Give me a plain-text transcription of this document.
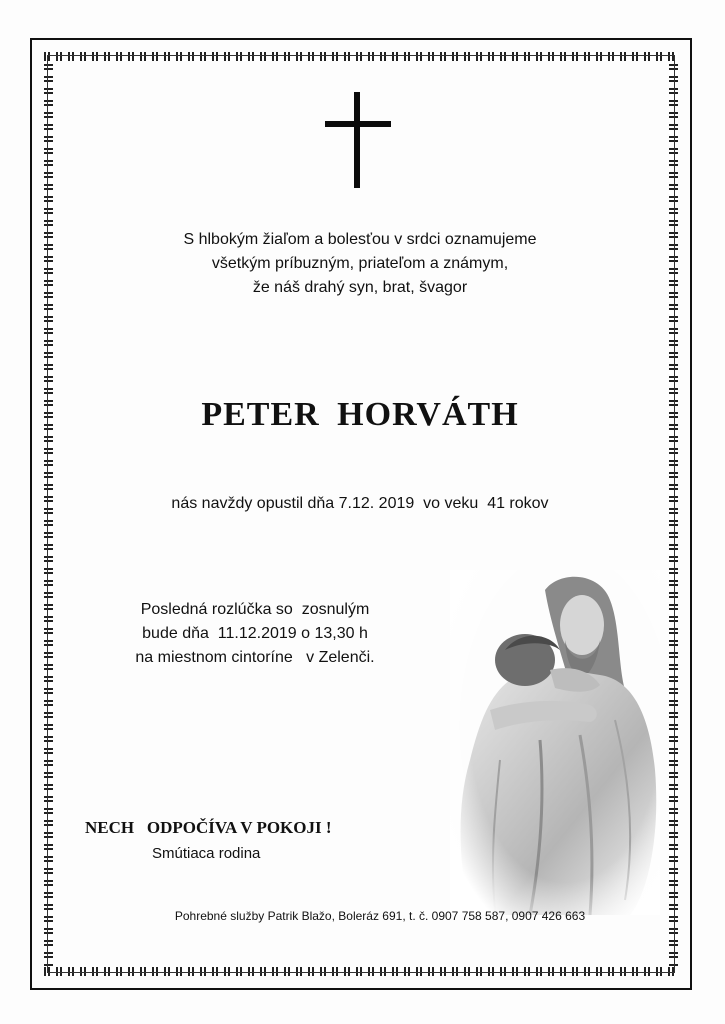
S hlbokým žiaľom a bolesťou v srdci oznamujeme
všetkým príbuzným, priateľom a známym,
že náš drahý syn, brat, švagor
PETER HORVÁTH
nás navždy opustil dňa 7.12. 2019  vo veku  41 rokov
Posledná rozlúčka so  zosnulým
bude dňa  11.12.2019 o 13,30 h
na miestnom cintoríne   v Zelenči.
NECH   ODPOČÍVA V POKOJI !
Smútiaca rodina
Pohrebné služby Patrik Blažo, Boleráz 691, t. č. 0907 758 587, 0907 426 663
